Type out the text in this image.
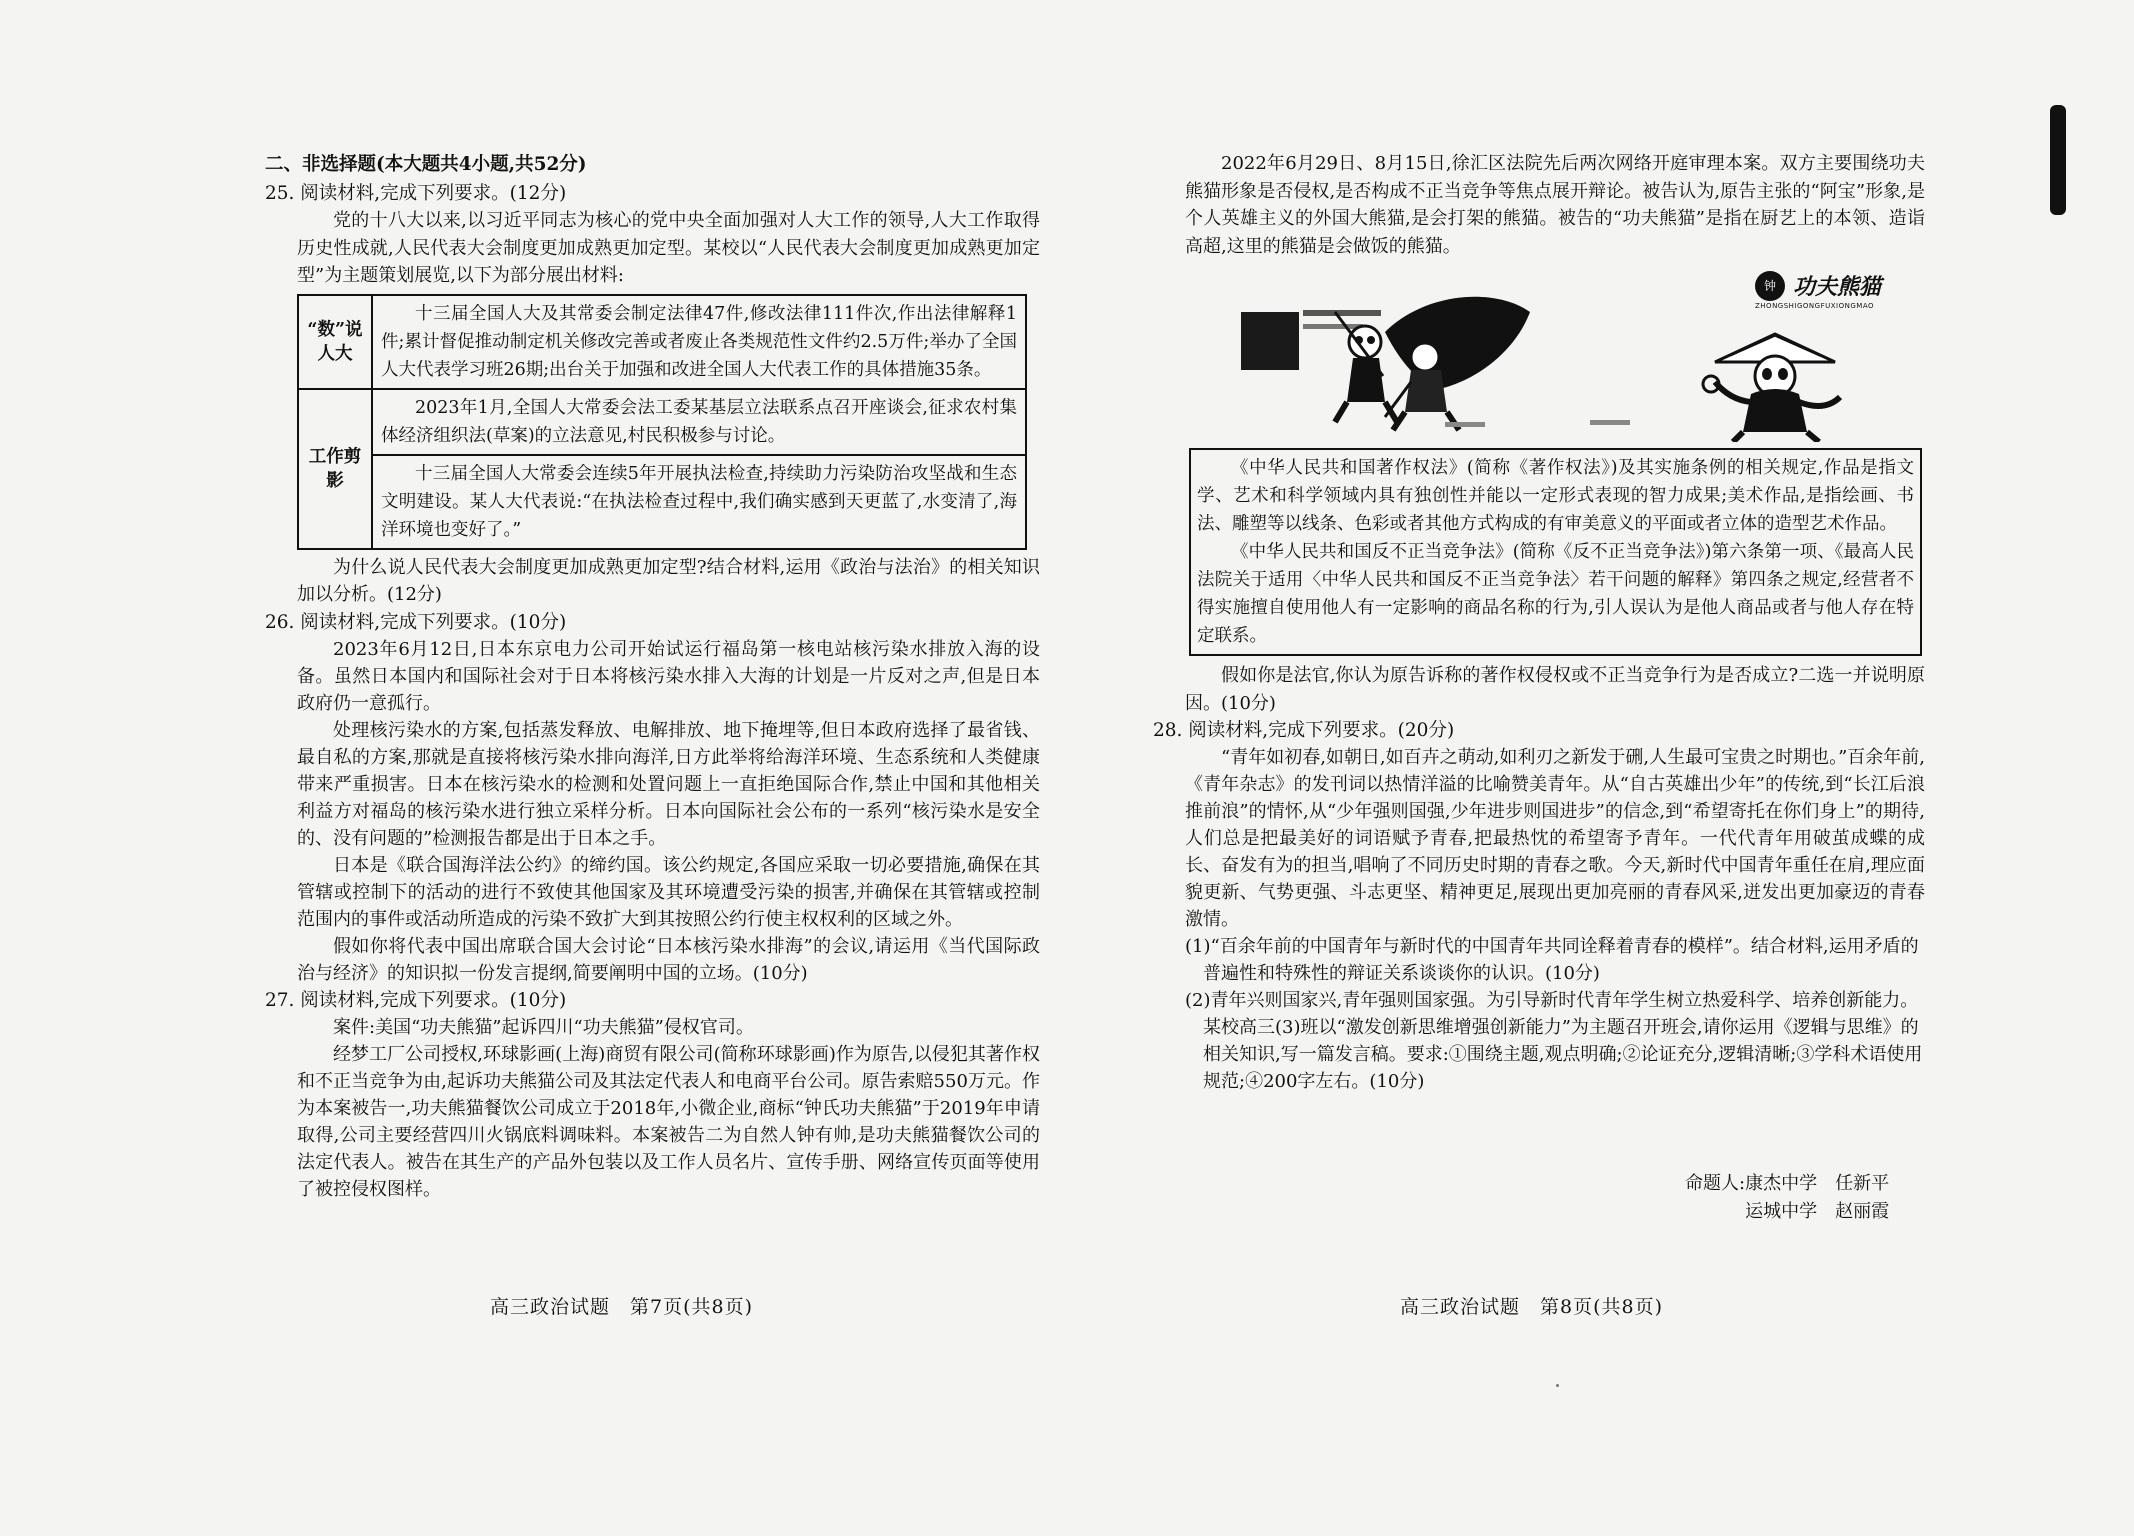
二、非选择题(本大题共4小题,共52分)

25. 阅读材料,完成下列要求。(12分)

党的十八大以来,以习近平同志为核心的党中央全面加强对人大工作的领导,人大工作取得历史性成就,人民代表大会制度更加成熟更加定型。某校以“人民代表大会制度更加成熟更加定型”为主题策划展览,以下为部分展出材料:

“数”说人大	十三届全国人大及其常委会制定法律47件,修改法律111件次,作出法律解释1件;累计督促推动制定机关修改完善或者废止各类规范性文件约2.5万件;举办了全国人大代表学习班26期;出台关于加强和改进全国人大代表工作的具体措施35条。
工作剪影	2023年1月,全国人大常委会法工委某基层立法联系点召开座谈会,征求农村集体经济组织法(草案)的立法意见,村民积极参与讨论。
	十三届全国人大常委会连续5年开展执法检查,持续助力污染防治攻坚战和生态文明建设。某人大代表说:“在执法检查过程中,我们确实感到天更蓝了,水变清了,海洋环境也变好了。”

为什么说人民代表大会制度更加成熟更加定型?结合材料,运用《政治与法治》的相关知识加以分析。(12分)

26. 阅读材料,完成下列要求。(10分)

2023年6月12日,日本东京电力公司开始试运行福岛第一核电站核污染水排放入海的设备。虽然日本国内和国际社会对于日本将核污染水排入大海的计划是一片反对之声,但是日本政府仍一意孤行。

处理核污染水的方案,包括蒸发释放、电解排放、地下掩埋等,但日本政府选择了最省钱、最自私的方案,那就是直接将核污染水排向海洋,日方此举将给海洋环境、生态系统和人类健康带来严重损害。日本在核污染水的检测和处置问题上一直拒绝国际合作,禁止中国和其他相关利益方对福岛的核污染水进行独立采样分析。日本向国际社会公布的一系列“核污染水是安全的、没有问题的”检测报告都是出于日本之手。

日本是《联合国海洋法公约》的缔约国。该公约规定,各国应采取一切必要措施,确保在其管辖或控制下的活动的进行不致使其他国家及其环境遭受污染的损害,并确保在其管辖或控制范围内的事件或活动所造成的污染不致扩大到其按照公约行使主权权利的区域之外。

假如你将代表中国出席联合国大会讨论“日本核污染水排海”的会议,请运用《当代国际政治与经济》的知识拟一份发言提纲,简要阐明中国的立场。(10分)

27. 阅读材料,完成下列要求。(10分)

案件:美国“功夫熊猫”起诉四川“功夫熊猫”侵权官司。

经梦工厂公司授权,环球影画(上海)商贸有限公司(简称环球影画)作为原告,以侵犯其著作权和不正当竞争为由,起诉功夫熊猫公司及其法定代表人和电商平台公司。原告索赔550万元。作为本案被告一,功夫熊猫餐饮公司成立于2018年,小微企业,商标“钟氏功夫熊猫”于2019年申请取得,公司主要经营四川火锅底料调味料。本案被告二为自然人钟有帅,是功夫熊猫餐饮公司的法定代表人。被告在其生产的产品外包装以及工作人员名片、宣传手册、网络宣传页面等使用了被控侵权图样。

高三政治试题　第7页(共8页)

2022年6月29日、8月15日,徐汇区法院先后两次网络开庭审理本案。双方主要围绕功夫熊猫形象是否侵权,是否构成不正当竞争等焦点展开辩论。被告认为,原告主张的“阿宝”形象,是个人英雄主义的外国大熊猫,是会打架的熊猫。被告的“功夫熊猫”是指在厨艺上的本领、造诣高超,这里的熊猫是会做饭的熊猫。

钟 功夫熊猫
ZHONGSHIGONGFUXIONGMAO

《中华人民共和国著作权法》(简称《著作权法》)及其实施条例的相关规定,作品是指文学、艺术和科学领域内具有独创性并能以一定形式表现的智力成果;美术作品,是指绘画、书法、雕塑等以线条、色彩或者其他方式构成的有审美意义的平面或者立体的造型艺术作品。

《中华人民共和国反不正当竞争法》(简称《反不正当竞争法》)第六条第一项、《最高人民法院关于适用〈中华人民共和国反不正当竞争法〉若干问题的解释》第四条之规定,经营者不得实施擅自使用他人有一定影响的商品名称的行为,引人误认为是他人商品或者与他人存在特定联系。

假如你是法官,你认为原告诉称的著作权侵权或不正当竞争行为是否成立?二选一并说明原因。(10分)

28. 阅读材料,完成下列要求。(20分)

“青年如初春,如朝日,如百卉之萌动,如利刃之新发于硎,人生最可宝贵之时期也。”百余年前,《青年杂志》的发刊词以热情洋溢的比喻赞美青年。从“自古英雄出少年”的传统,到“长江后浪推前浪”的情怀,从“少年强则国强,少年进步则国进步”的信念,到“希望寄托在你们身上”的期待,人们总是把最美好的词语赋予青春,把最热忱的希望寄予青年。一代代青年用破茧成蝶的成长、奋发有为的担当,唱响了不同历史时期的青春之歌。今天,新时代中国青年重任在肩,理应面貌更新、气势更强、斗志更坚、精神更足,展现出更加亮丽的青春风采,迸发出更加豪迈的青春激情。

(1)“百余年前的中国青年与新时代的中国青年共同诠释着青春的模样”。结合材料,运用矛盾的普遍性和特殊性的辩证关系谈谈你的认识。(10分)

(2)青年兴则国家兴,青年强则国家强。为引导新时代青年学生树立热爱科学、培养创新能力。某校高三(3)班以“激发创新思维增强创新能力”为主题召开班会,请你运用《逻辑与思维》的相关知识,写一篇发言稿。要求:①围绕主题,观点明确;②论证充分,逻辑清晰;③学科术语使用规范;④200字左右。(10分)

命题人:康杰中学　任新平
运城中学　赵丽霞
高三政治试题　第8页(共8页)
